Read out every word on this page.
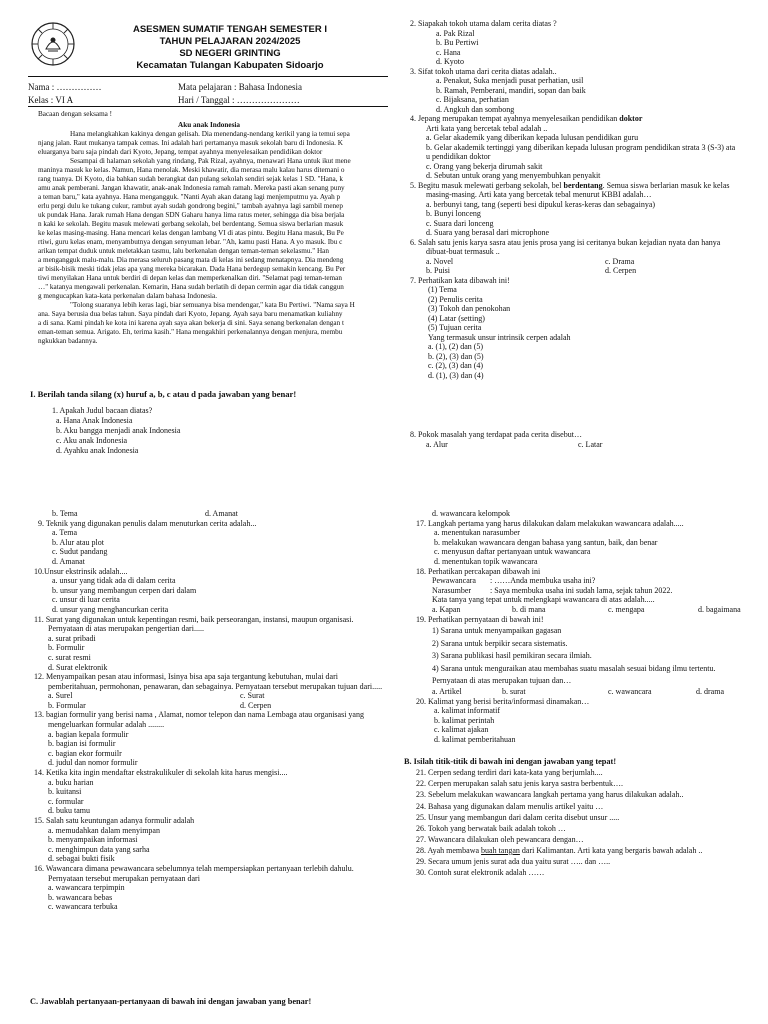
ASESMEN SUMATIF TENGAH SEMESTER I
TAHUN PELAJARAN 2024/2025
SD NEGERI GRINTING
Kecamatan Tulangan Kabupaten Sidoarjo
Nama : ……………	Mata pelajaran : Bahasa Indonesia
Kelas : VI A	Hari / Tanggal : …………………
Bacaan dengan seksama !
Aku anak Indonesia

Hana melangkahkan kakinya dengan gelisah. Dia menendang-nendang kerikil yang ia temui sepa

njang jalan. Raut mukanya tampak cemas. Ini adalah hari pertamanya masuk sekolah baru di Indonesia. K

eluarganya baru saja pindah dari Kyoto, Jepang, tempat ayahnya menyelesaikan pendidikan doktor

Sesampai di halaman sekolah yang rindang, Pak Rizal, ayahnya, menawari Hana untuk ikut mene

maninya masuk ke kelas. Namun, Hana menolak. Meski khawatir, dia merasa malu kalau harus ditemani o

rang tuanya. Di Kyoto, dia bahkan sudah berangkat dan pulang sekolah sendiri sejak kelas 1 SD. "Hana, k

amu anak pemberani. Jangan khawatir, anak-anak Indonesia ramah ramah. Mereka pasti akan senang puny

a teman baru," kata ayahnya. Hana mengangguk. "Nanti Ayah akan datang lagi menjemputmu ya. Ayah p

erlu pergi dulu ke tukang cukur, rambut ayah sudah gondrong begini," tambah ayahnya lagi sambil menep

uk pundak Hana. Jarak rumah Hana dengan SDN Gaharu hanya lima ratus meter, sehingga dia bisa berjala

n kaki ke sekolah. Begitu masuk melewati gerbang sekolah, bel berdentang. Semua siswa berlarian masuk

ke kelas masing-masing. Hana mencari kelas dengan lambang VI di atas pintu. Begitu Hana masuk, Bu Pe

rtiwi, guru kelas enam, menyambutnya dengan senyuman lebar. "Ah, kamu pasti Hana. A yo masuk. Ibu c

arikan tempat duduk untuk meletakkan tasmu, lalu berkenalan dengan teman-teman sekelasmu." Han

a mengangguk malu-malu. Dia merasa seluruh pasang mata di kelas ini sedang menatapnya. Dia mendeng

ar bisik-bisik meski tidak jelas apa yang mereka bicarakan. Dada Hana berdegup semakin kencang. Bu Per

tiwi menyilakan Hana untuk berdiri di depan kelas dan memperkenalkan diri. "Selamat pagi teman-teman

…" katanya mengawali perkenalan. Kemarin, Hana sudah berlatih di depan cermin agar dia tidak canggun

g mengucapkan kata-kata perkenalan dalam bahasa Indonesia.

"Tolong suaranya lebih keras lagi, biar semuanya bisa mendengar," kata Bu Pertiwi. "Nama saya H

ana. Saya berusia dua belas tahun. Saya pindah dari Kyoto, Jepang. Ayah saya baru menamatkan kuliahny

a di sana. Kami pindah ke kota ini karena ayah saya akan bekerja di sini. Saya senang berkenalan dengan t

eman-teman semua. Arigato. Eh, terima kasih." Hana mengakhiri perkenalannya dengan menjura, membu

ngkukkan badannya.

I. Berilah tanda silang (x) huruf a, b, c atau d pada jawaban yang benar!
1. Apakah Judul bacaan diatas?
a. Hana Anak Indonesia
b. Aku bangga menjadi anak Indonesia
c. Aku anak Indonesia
d. Ayahku anak Indonesia
2. Siapakah tokoh utama dalam cerita diatas ?
a. Pak Rizal
b. Bu Pertiwi
c. Hana
d. Kyoto
3. Sifat tokoh utama dari cerita diatas adalah..
a. Penakut, Suka menjadi pusat perhatian, usil
b. Ramah, Pemberani, mandiri, sopan dan baik
c. Bijaksana, perhatian
d. Angkuh dan sombong
4. Jepang merupakan tempat ayahnya menyelesaikan pendidikan doktor
Arti kata yang bercetak tebal adalah ..
a. Gelar akademik yang diberikan kepada lulusan pendidikan guru
b. Gelar akademik tertinggi yang diberikan kepada lulusan program pendidikan strata 3 (S-3) ata
u pendidikan doktor
c. Orang yang bekerja dirumah sakit
d. Sebutan untuk orang yang menyembuhkan penyakit
5. Begitu masuk melewati gerbang sekolah, bel berdentang. Semua siswa berlarian masuk ke kelas
masing-masing. Arti kata yang bercetak tebal menurut KBBI adalah…
a. berbunyi tang, tang (seperti besi dipukul keras-keras dan sebagainya)
b. Bunyi lonceng
c. Suara dari lonceng
d. Suara yang berasal dari microphone
6. Salah satu jenis karya sasra atau jenis prosa yang isi ceritanya bukan kejadian nyata dan hanya
dibuat-buat termasuk ..
a. Novel	c. Drama
b. Puisi	d. Cerpen
7. Perhatikan kata dibawah ini!
(1) Tema
(2) Penulis cerita
(3) Tokoh dan penokohan
(4) Latar (setting)
(5) Tujuan cerita
Yang termasuk unsur intrinsik cerpen adalah
a. (1), (2) dan (5)
b. (2), (3) dan (5)
c. (2), (3) dan (4)
d. (1), (3) dan (4)
8. Pokok masalah yang terdapat pada cerita disebut…
a. Alur	c. Latar
b. Tema	d. Amanat
9. Teknik yang digunakan penulis dalam menuturkan cerita adalah...
a. Tema
b. Alur atau plot
c. Sudut pandang
d. Amanat
10.Unsur ekstrinsik adalah....
a. unsur yang tidak ada di dalam cerita
b. unsur yang membangun cerpen dari dalam
c. unsur di luar cerita
d. unsur yang menghancurkan cerita
11. Surat yang digunakan untuk kepentingan resmi, baik perseorangan, instansi, maupun organisasi.
Pernyataan di atas merupakan pengertian dari.....
a. surat pribadi
b. Formulir
c. surat resmi
d. Surat elektronik
12. Menyampaikan pesan atau informasi, Isinya bisa apa saja tergantung kebutuhan, mulai dari
pemberitahuan, permohonan, penawaran, dan sebagainya. Pernyataan tersebut merupakan tujuan dari.....
a. Surel	c. Surat
b. Formular	d. Cerpen
13. bagian formulir yang berisi nama , Alamat, nomor telepon dan nama Lembaga atau organisasi yang
mengeluarkan formular adalah ........
a. bagian kepala formulir
b. bagian isi formulir
c. bagian ekor formuilr
d. judul dan nomor formulir
14. Ketika kita ingin mendaftar ekstrakulikuler di sekolah kita harus mengisi....
a. buku harian
b. kuitansi
c. formular
d. buku tamu
15. Salah satu keuntungan adanya formulir adalah
a. memudahkan dalam menyimpan
b. menyampaikan informasi
c. menghimpun data yang sarha
d. sebagai bukti fisik
16. Wawancara dimana pewawancara sebelumnya telah mempersiapkan pertanyaan terlebih dahulu.
Pernyataan tersebut merupakan pernyataan dari
a. wawancara terpimpin
b. wawancara bebas
c. wawancara terbuka
d. wawancara kelompok
17. Langkah pertama yang harus dilakukan dalam melakukan wawancara adalah.....
a. menentukan narasumber
b. melakukan wawancara dengan bahasa yang santun, baik, dan benar
c. menyusun daftar pertanyaan untuk wawancara
d. menentukan topik wawancara
18. Perhatikan percakapan dibawah ini
Pewawancara : ……Anda membuka usaha ini?
Narasumber : Saya membuka usaha ini sudah lama, sejak tahun 2022.
Kata tanya yang tepat untuk melengkapi wawancara di atas adalah.....
a. Kapan	b. di mana	c. mengapa	d. bagaimana
19. Perhatikan pernyataan di bawah ini!
1) Sarana untuk menyampaikan gagasan
2) Sarana untuk berpikir secara sistematis.
3) Sarana publikasi hasil pemikiran secara ilmiah.
4) Sarana untuk menguraikan atau membahas suatu masalah sesuai bidang ilmu tertentu.
Pernyataan di atas merupakan tujuan dan…
a. Artikel	b. surat	c. wawancara	d. drama
20. Kalimat yang berisi berita/informasi dinamakan…
a. kalimat informatif
b. kalimat perintah
c. kalimat ajakan
d. kalimat pemberitahuan
B. Isilah titik-titik di bawah ini dengan jawaban yang tepat!
21. Cerpen sedang terdiri dari kata-kata yang berjumlah....
22. Cerpen merupakan salah satu jenis karya sastra berbentuk….
23. Sebelum melakukan wawancara langkah pertama yang harus dilakukan adalah..
24. Bahasa yang digunakan dalam menulis artikel yaitu …
25. Unsur yang membangun dari dalam cerita disebut unsur .....
26. Tokoh yang berwatak baik adalah tokoh …
27. Wawancara dilakukan oleh pewancara dengan…
28. Ayah membawa buah tangan dari Kalimantan. Arti kata yang bergaris bawah adalah ..
29. Secara umum jenis surat ada dua yaitu surat ….. dan …..
30. Contoh surat elektronik adalah ……
C. Jawablah pertanyaan-pertanyaan di bawah ini dengan jawaban yang benar!
